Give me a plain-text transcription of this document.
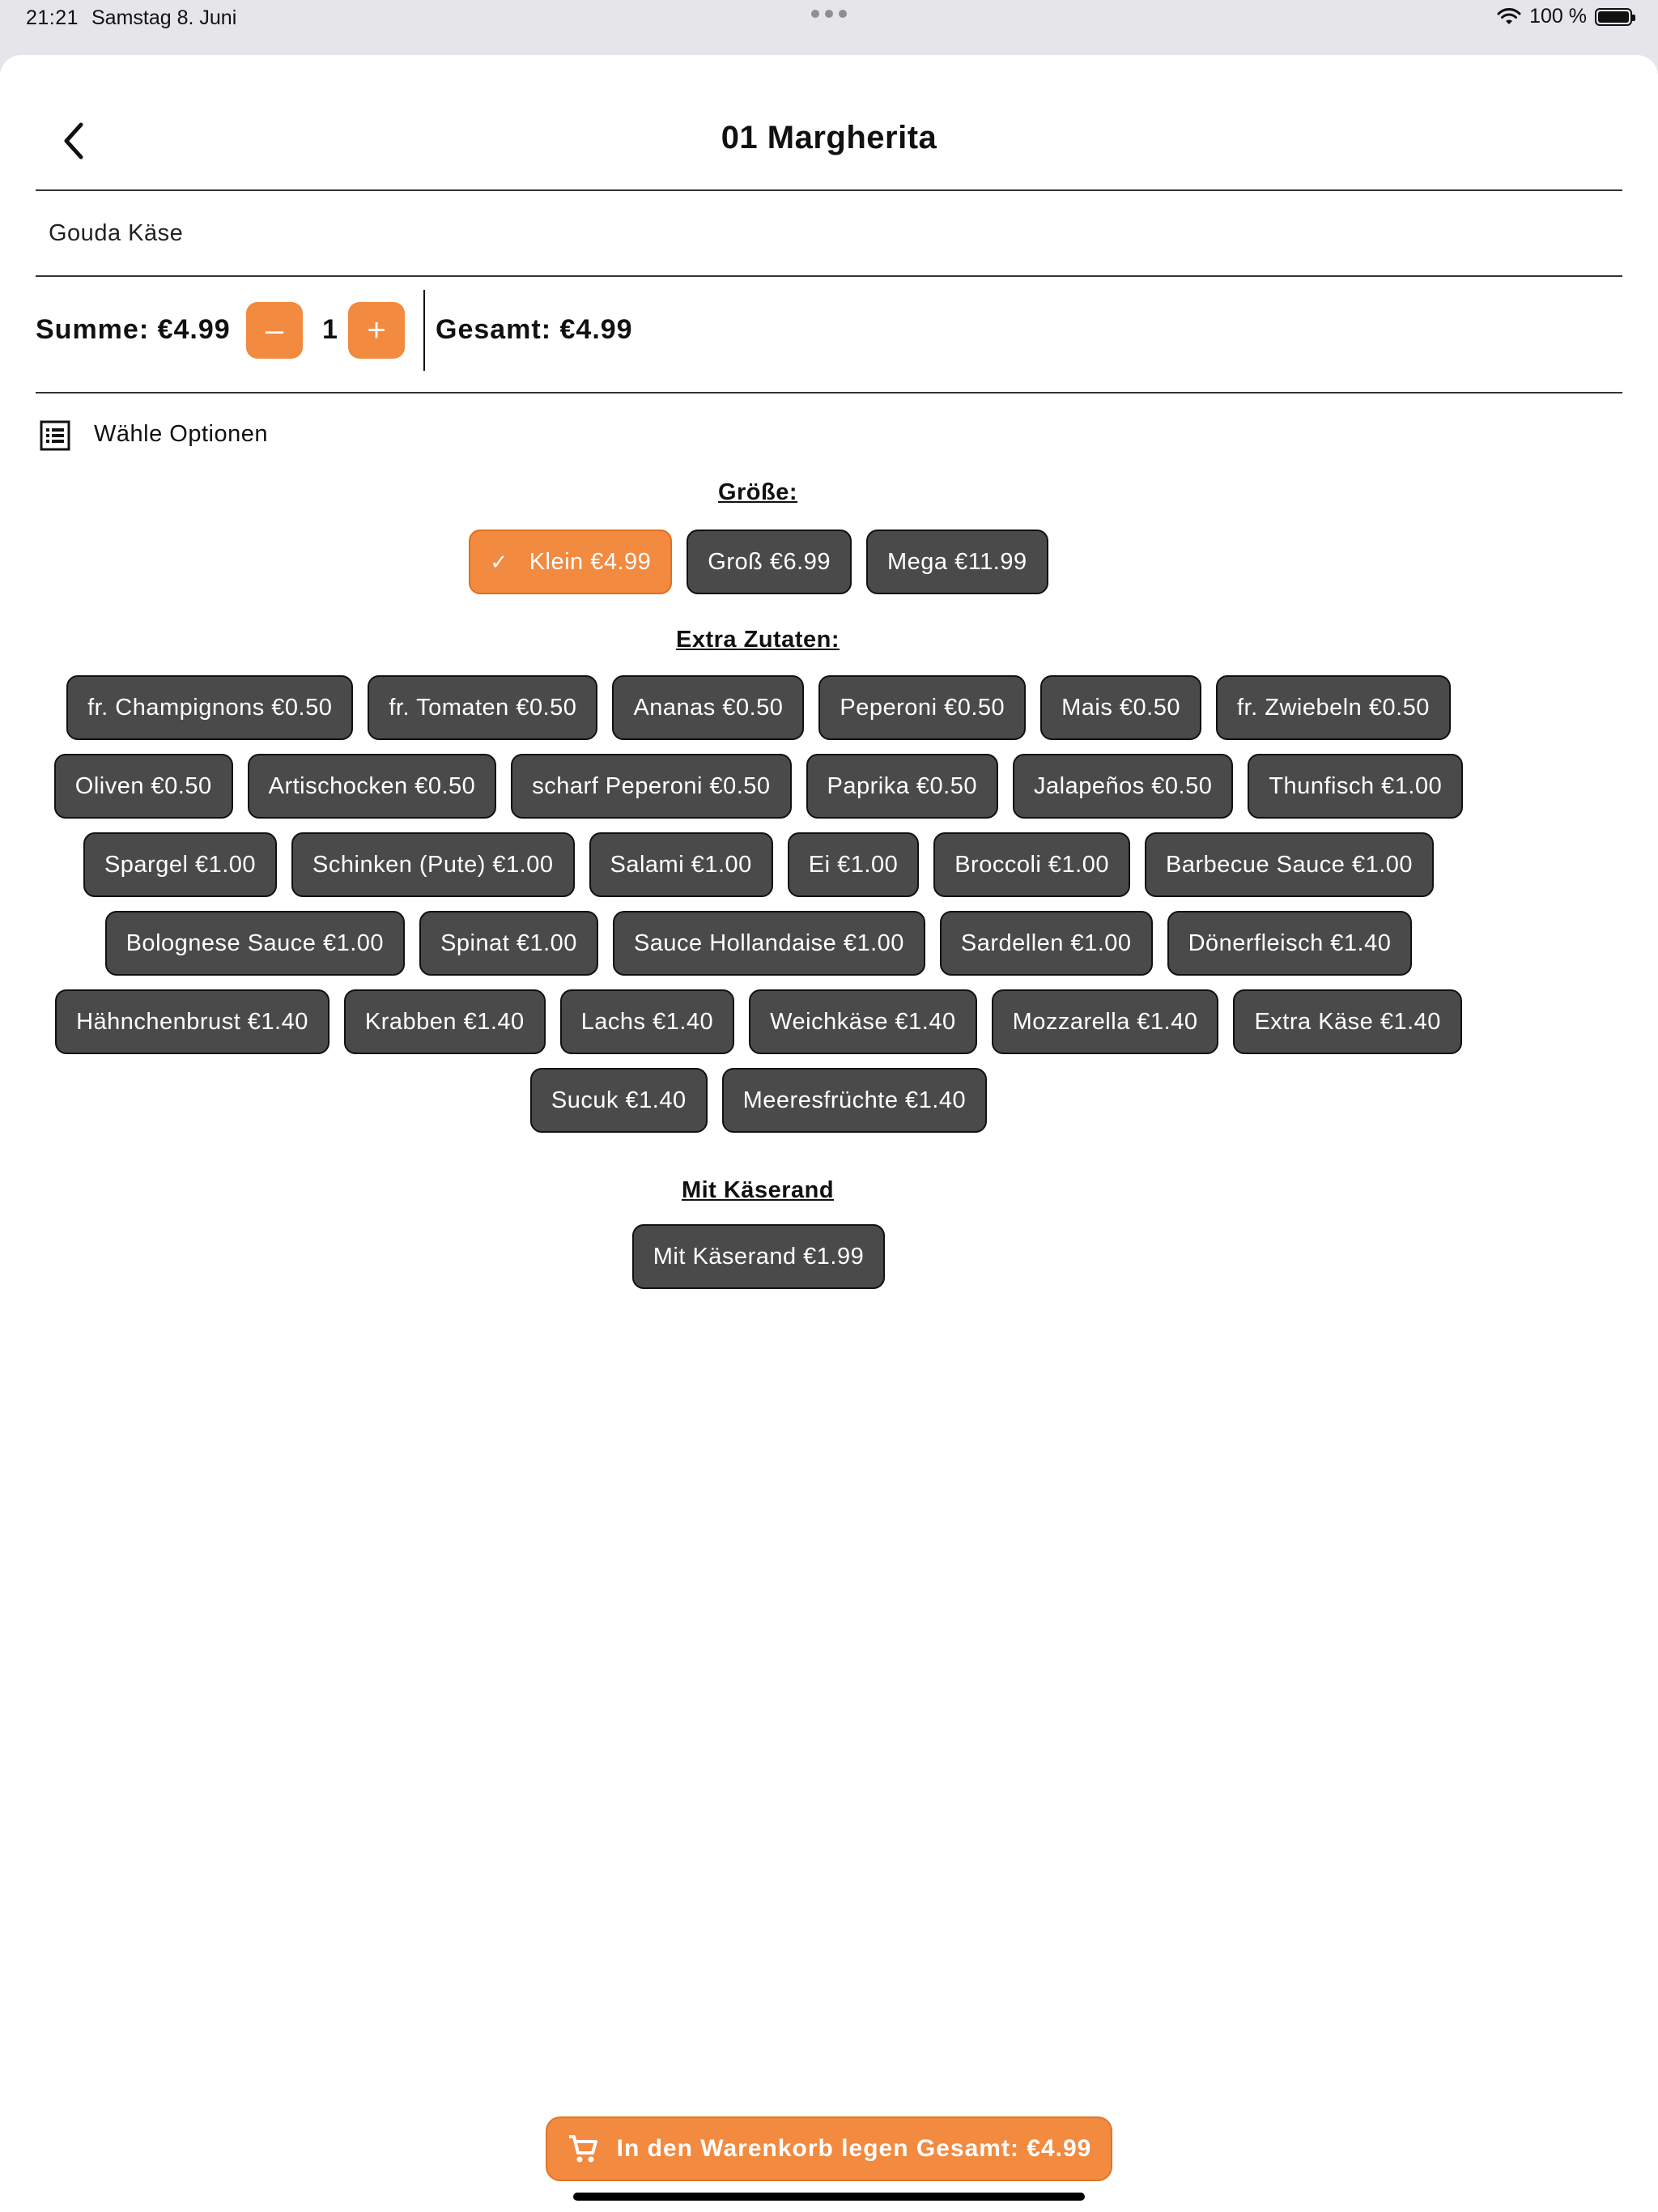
21:21 Samstag 8. Juni	100 %
01 Margherita
Gouda Käse
Summe: €4.99	–	1 +	Gesamt: €4.99
Wähle Optionen
Größe:
✓ Klein €4.99 Groß €6.99 Mega €11.99
Extra Zutaten:
fr. Champignons €0.50 fr. Tomaten €0.50 Ananas €0.50 Peperoni €0.50 Mais €0.50 fr. Zwiebeln €0.50
Oliven €0.50 Artischocken €0.50 scharf Peperoni €0.50 Paprika €0.50 Jalapeños €0.50 Thunfisch €1.00
Spargel €1.00 Schinken (Pute) €1.00 Salami €1.00 Ei €1.00 Broccoli €1.00 Barbecue Sauce €1.00
Bolognese Sauce €1.00 Spinat €1.00 Sauce Hollandaise €1.00 Sardellen €1.00 Dönerfleisch €1.40
Hähnchenbrust €1.40 Krabben €1.40 Lachs €1.40 Weichkäse €1.40 Mozzarella €1.40 Extra Käse €1.40
Sucuk €1.40 Meeresfrüchte €1.40
Mit Käserand
Mit Käserand €1.99
In den Warenkorb legen Gesamt: €4.99
